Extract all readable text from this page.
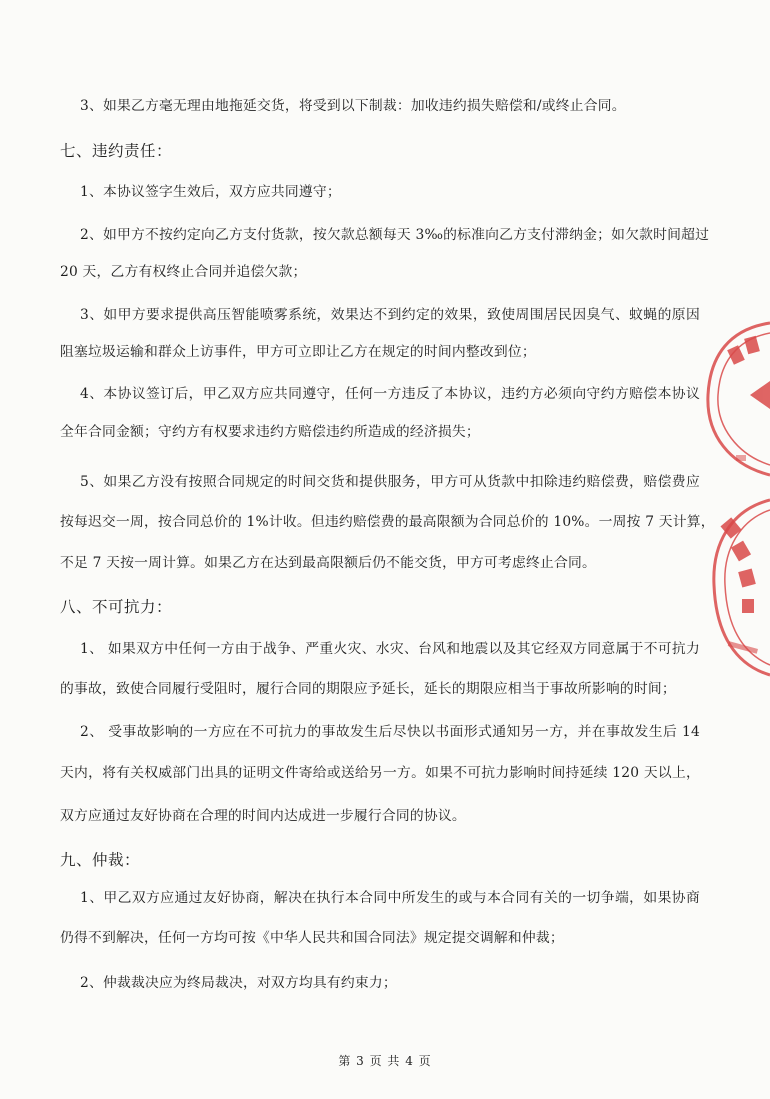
3、如果乙方毫无理由地拖延交货，将受到以下制裁：加收违约损失赔偿和/或终止合同。
七、违约责任：
1、本协议签字生效后，双方应共同遵守；
2、如甲方不按约定向乙方支付货款，按欠款总额每天 3‰的标准向乙方支付滞纳金；如欠款时间超过
20 天，乙方有权终止合同并追偿欠款；
3、如甲方要求提供高压智能喷雾系统，效果达不到约定的效果，致使周围居民因臭气、蚊蝇的原因
阻塞垃圾运输和群众上访事件，甲方可立即让乙方在规定的时间内整改到位；
4、本协议签订后，甲乙双方应共同遵守，任何一方违反了本协议，违约方必须向守约方赔偿本协议
全年合同金额；守约方有权要求违约方赔偿违约所造成的经济损失；
5、如果乙方没有按照合同规定的时间交货和提供服务，甲方可从货款中扣除违约赔偿费，赔偿费应
按每迟交一周，按合同总价的 1%计收。但违约赔偿费的最高限额为合同总价的 10%。一周按 7 天计算，
不足 7 天按一周计算。如果乙方在达到最高限额后仍不能交货，甲方可考虑终止合同。
八、不可抗力：
1、 如果双方中任何一方由于战争、严重火灾、水灾、台风和地震以及其它经双方同意属于不可抗力
的事故，致使合同履行受阻时，履行合同的期限应予延长，延长的期限应相当于事故所影响的时间；
2、 受事故影响的一方应在不可抗力的事故发生后尽快以书面形式通知另一方，并在事故发生后 14
天内，将有关权威部门出具的证明文件寄给或送给另一方。如果不可抗力影响时间持延续 120 天以上，
双方应通过友好协商在合理的时间内达成进一步履行合同的协议。
九、仲裁：
1、甲乙双方应通过友好协商，解决在执行本合同中所发生的或与本合同有关的一切争端，如果协商
仍得不到解决，任何一方均可按《中华人民共和国合同法》规定提交调解和仲裁；
2、仲裁裁决应为终局裁决，对双方均具有约束力；
第 3 页 共 4 页
